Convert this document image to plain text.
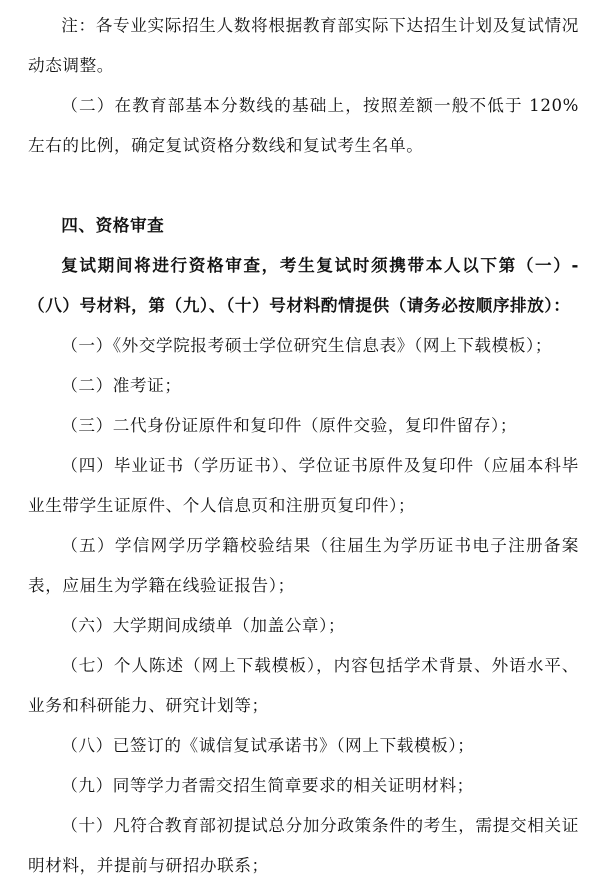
注：各专业实际招生人数将根据教育部实际下达招生计划及复试情况动态调整。

（二）在教育部基本分数线的基础上，按照差额一般不低于 120%左右的比例，确定复试资格分数线和复试考生名单。

四、资格审查

复试期间将进行资格审查，考生复试时须携带本人以下第（一）-（八）号材料，第（九）、（十）号材料酌情提供（请务必按顺序排放）：

（一）《外交学院报考硕士学位研究生信息表》（网上下载模板）；

（二）准考证；

（三）二代身份证原件和复印件（原件交验，复印件留存）；

（四）毕业证书（学历证书）、学位证书原件及复印件（应届本科毕业生带学生证原件、个人信息页和注册页复印件）；

（五）学信网学历学籍校验结果（往届生为学历证书电子注册备案表，应届生为学籍在线验证报告）；

（六）大学期间成绩单（加盖公章）；

（七）个人陈述（网上下载模板），内容包括学术背景、外语水平、业务和科研能力、研究计划等；

（八）已签订的《诚信复试承诺书》（网上下载模板）；

（九）同等学力者需交招生简章要求的相关证明材料；

（十）凡符合教育部初提试总分加分政策条件的考生，需提交相关证明材料，并提前与研招办联系；
